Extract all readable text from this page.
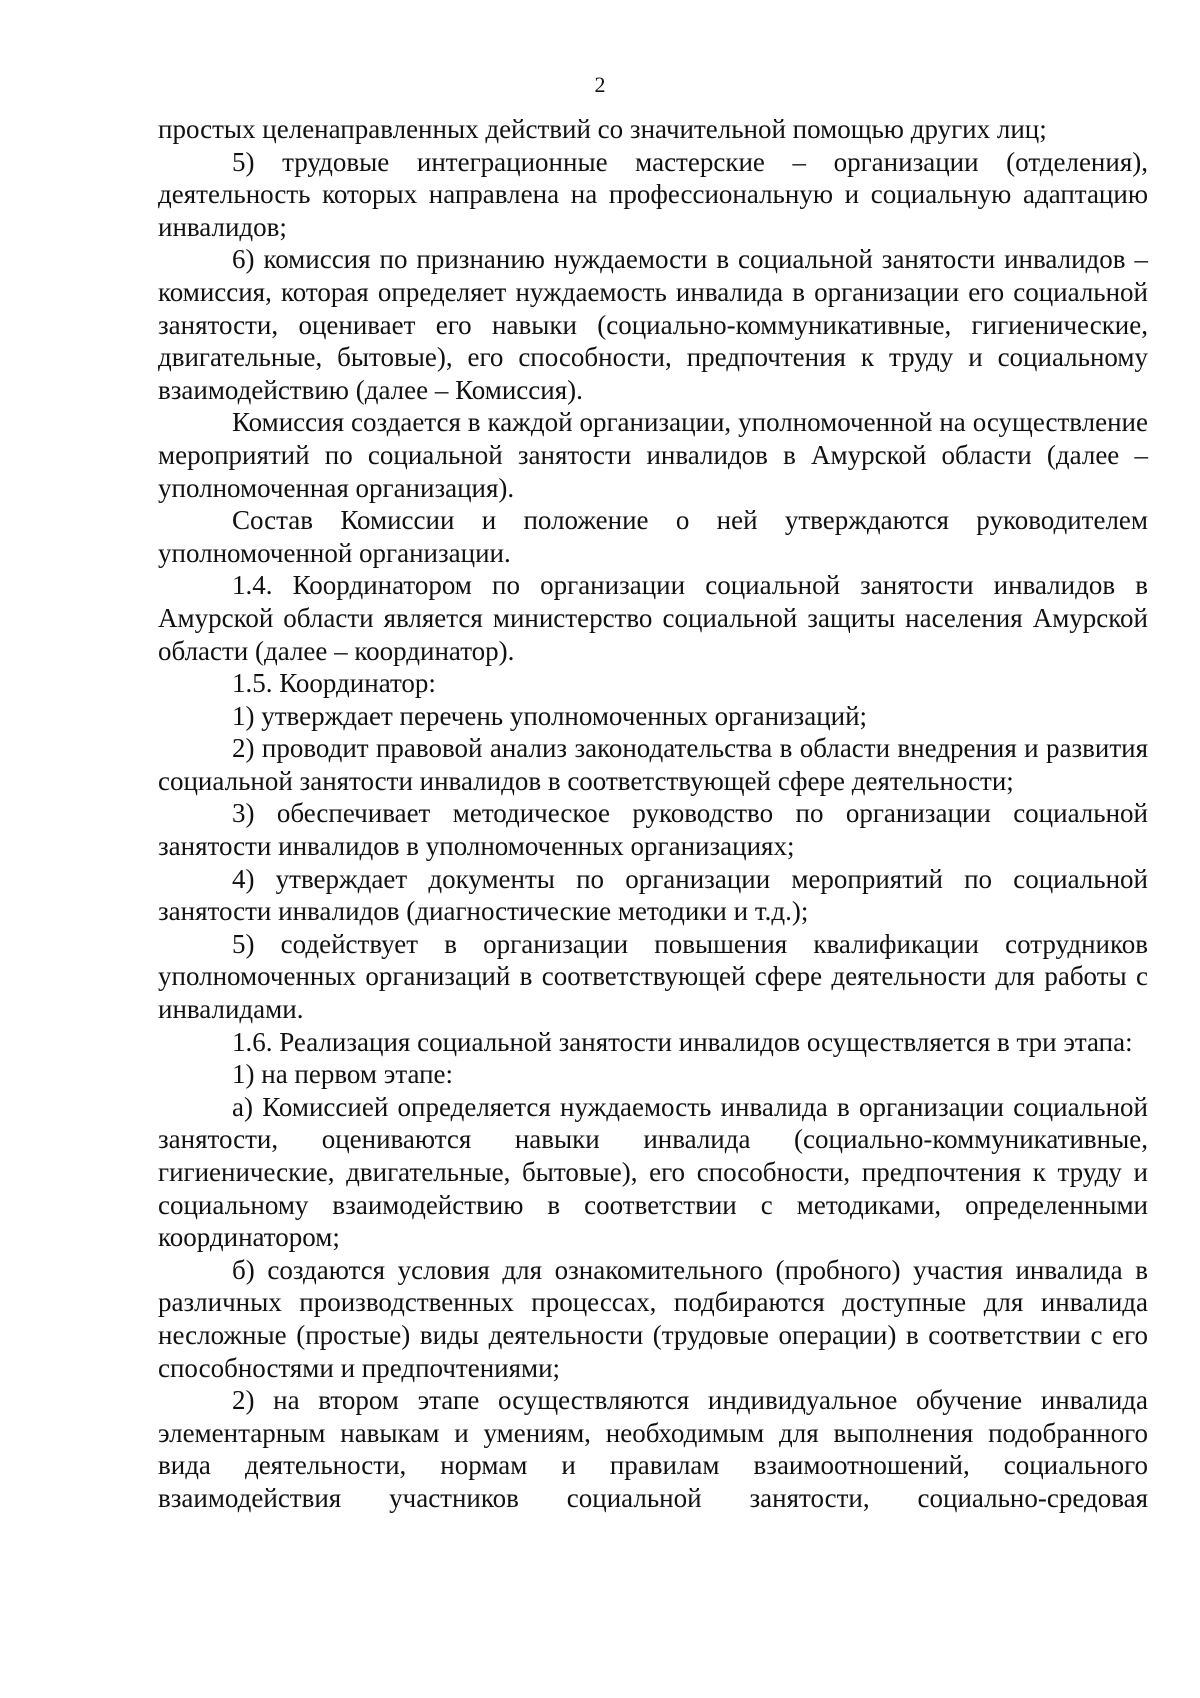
2

простых целенаправленных действий со значительной помощью других лиц;

5) трудовые интеграционные мастерские – организации (отделения), деятельность которых направлена на профессиональную и социальную адаптацию инвалидов;

6) комиссия по признанию нуждаемости в социальной занятости инвалидов – комиссия, которая определяет нуждаемость инвалида в организации его социальной занятости, оценивает его навыки (социально-коммуникативные, гигиенические, двигательные, бытовые), его способности, предпочтения к труду и социальному взаимодействию (далее – Комиссия).

Комиссия создается в каждой организации, уполномоченной на осуществление мероприятий по социальной занятости инвалидов в Амурской области (далее – уполномоченная организация).

Состав Комиссии и положение о ней утверждаются руководителем уполномоченной организации.

1.4. Координатором по организации социальной занятости инвалидов в Амурской области является министерство социальной защиты населения Амурской области (далее – координатор).

1.5. Координатор:

1) утверждает перечень уполномоченных организаций;

2) проводит правовой анализ законодательства в области внедрения и развития социальной занятости инвалидов в соответствующей сфере деятельности;

3) обеспечивает методическое руководство по организации социальной занятости инвалидов в уполномоченных организациях;

4) утверждает документы по организации мероприятий по социальной занятости инвалидов (диагностические методики и т.д.);

5) содействует в организации повышения квалификации сотрудников уполномоченных организаций в соответствующей сфере деятельности для работы с инвалидами.

1.6. Реализация социальной занятости инвалидов осуществляется в три этапа:

1) на первом этапе:

а) Комиссией определяется нуждаемость инвалида в организации социальной занятости, оцениваются навыки инвалида (социально-коммуникативные, гигиенические, двигательные, бытовые), его способности, предпочтения к труду и социальному взаимодействию в соответствии с методиками, определенными координатором;

б) создаются условия для ознакомительного (пробного) участия инвалида в различных производственных процессах, подбираются доступные для инвалида несложные (простые) виды деятельности (трудовые операции) в соответствии с его способностями и предпочтениями;

2) на втором этапе осуществляются индивидуальное обучение инвалида элементарным навыкам и умениям, необходимым для выполнения подобранного вида деятельности, нормам и правилам взаимоотношений, социального взаимодействия участников социальной занятости, социально-средовая
